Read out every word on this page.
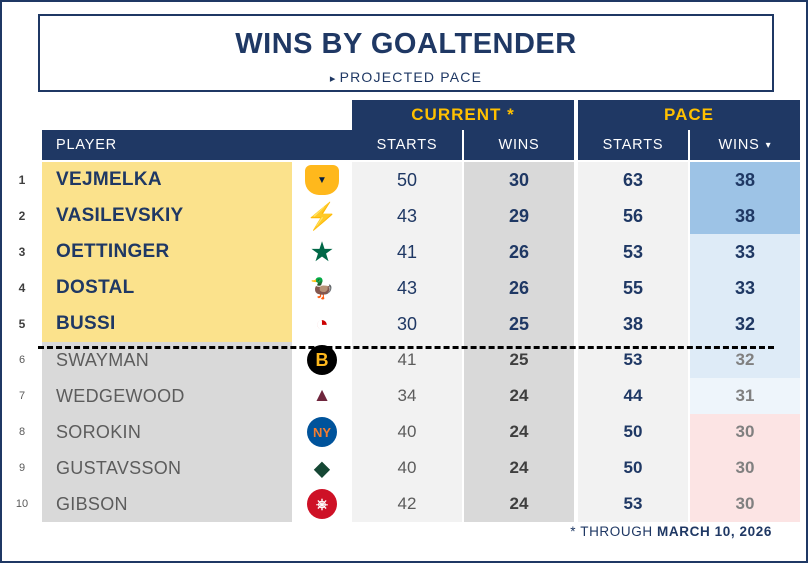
WINS BY GOALTENDER
▸ PROJECTED PACE
CURRENT *	PACE
PLAYER	STARTS	WINS	STARTS	WINS ▾
1	VEJMELKA	▼	50	30	63	38
2	VASILEVSKIY	⚡	43	29	56	38
3	OETTINGER	★	41	26	53	33
4	DOSTAL	🦆	43	26	55	33
5	BUSSI	◔	30	25	38	32
6	SWAYMAN	B	41	25	53	32
7	WEDGEWOOD	▲	34	24	44	31
8	SOROKIN	NY	40	24	50	30
9	GUSTAVSSON	◆	40	24	50	30
10	GIBSON	⎈	42	24	53	30
* THROUGH MARCH 10, 2026
